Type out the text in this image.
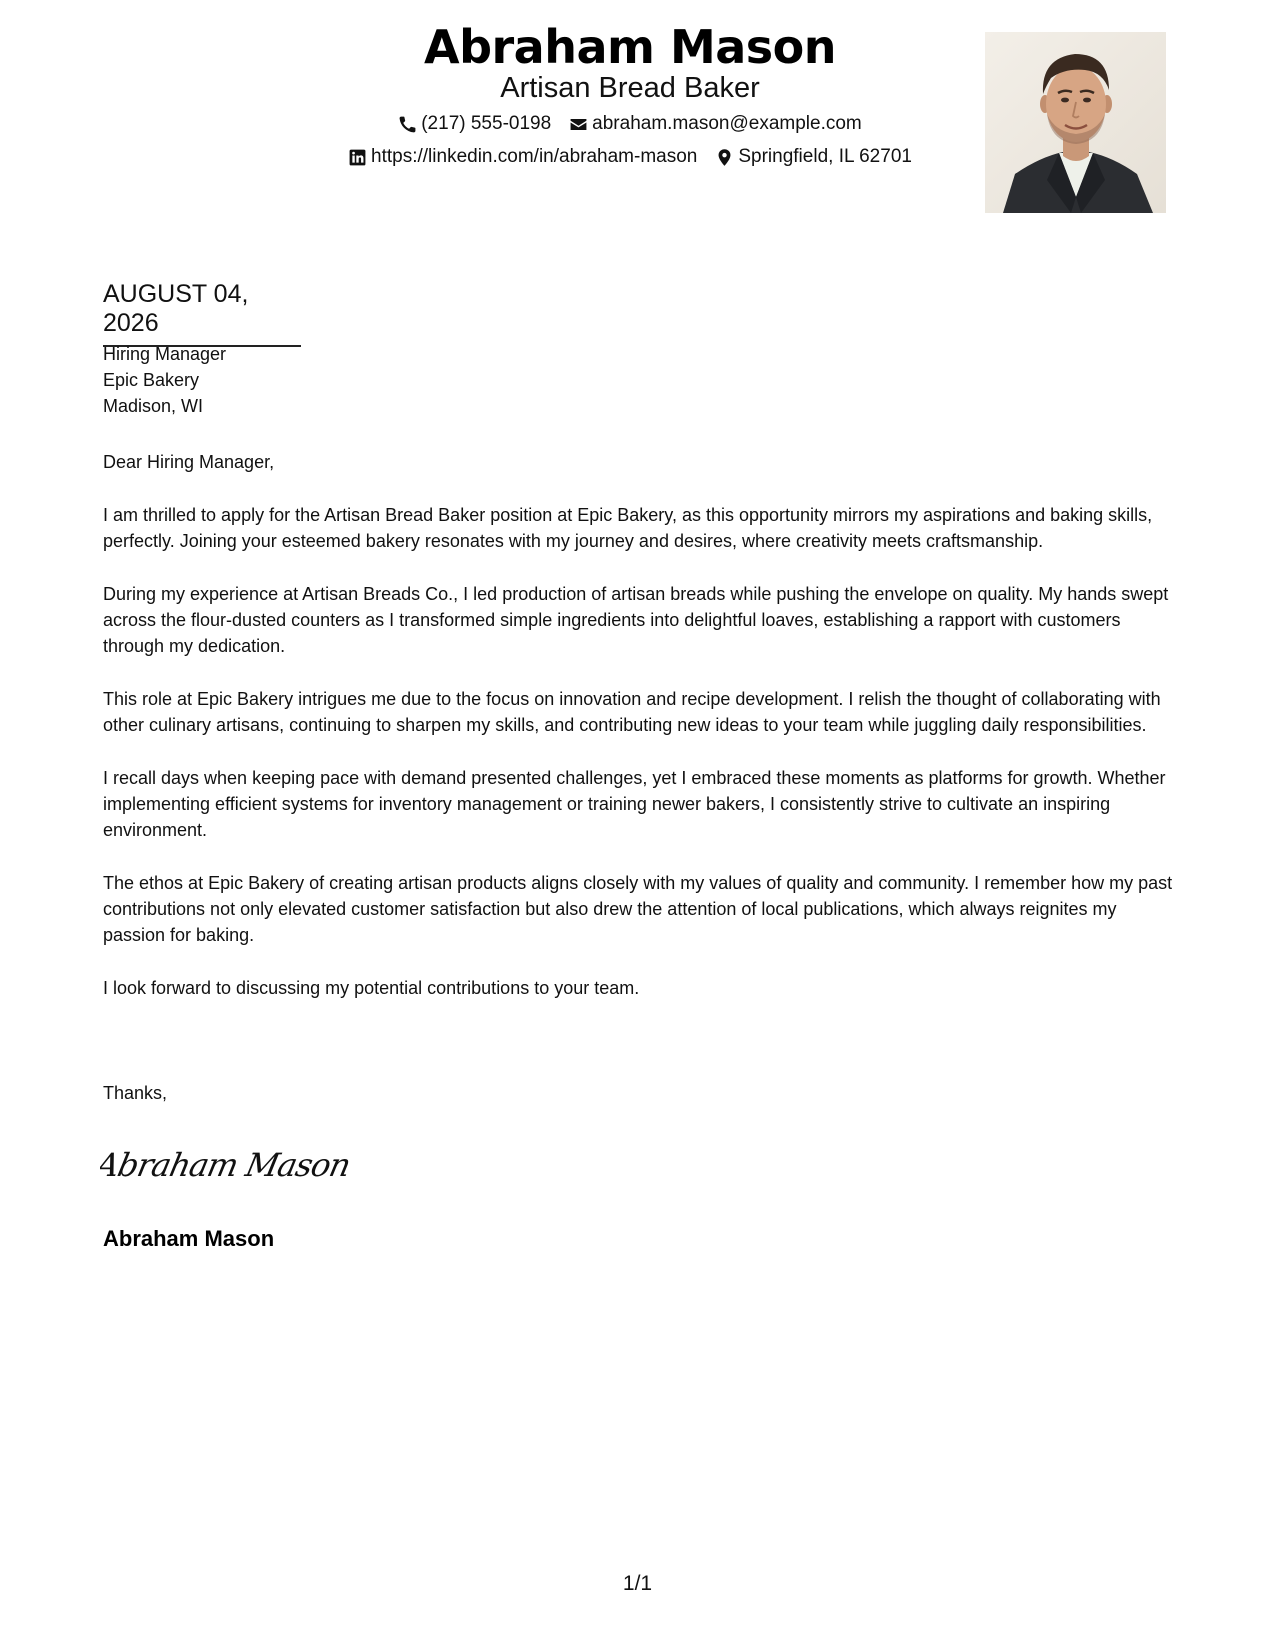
Abraham Mason
Artisan Bread Baker
(217) 555-0198 abraham.mason@example.com
https://linkedin.com/in/abraham-mason Springfield, IL 62701
AUGUST 04, 2026
Hiring Manager
Epic Bakery
Madison, WI

Dear Hiring Manager,

I am thrilled to apply for the Artisan Bread Baker position at Epic Bakery, as this opportunity mirrors my aspirations and baking skills, perfectly. Joining your esteemed bakery resonates with my journey and desires, where creativity meets craftsmanship.

During my experience at Artisan Breads Co., I led production of artisan breads while pushing the envelope on quality. My hands swept across the flour-dusted counters as I transformed simple ingredients into delightful loaves, establishing a rapport with customers through my dedication.

This role at Epic Bakery intrigues me due to the focus on innovation and recipe development. I relish the thought of collaborating with other culinary artisans, continuing to sharpen my skills, and contributing new ideas to your team while juggling daily responsibilities.

I recall days when keeping pace with demand presented challenges, yet I embraced these moments as platforms for growth. Whether implementing efficient systems for inventory management or training newer bakers, I consistently strive to cultivate an inspiring environment.

The ethos at Epic Bakery of creating artisan products aligns closely with my values of quality and community. I remember how my past contributions not only elevated customer satisfaction but also drew the attention of local publications, which always reignites my passion for baking.

I look forward to discussing my potential contributions to your team.

Thanks,
Abraham Mason
Abraham Mason
1/1
